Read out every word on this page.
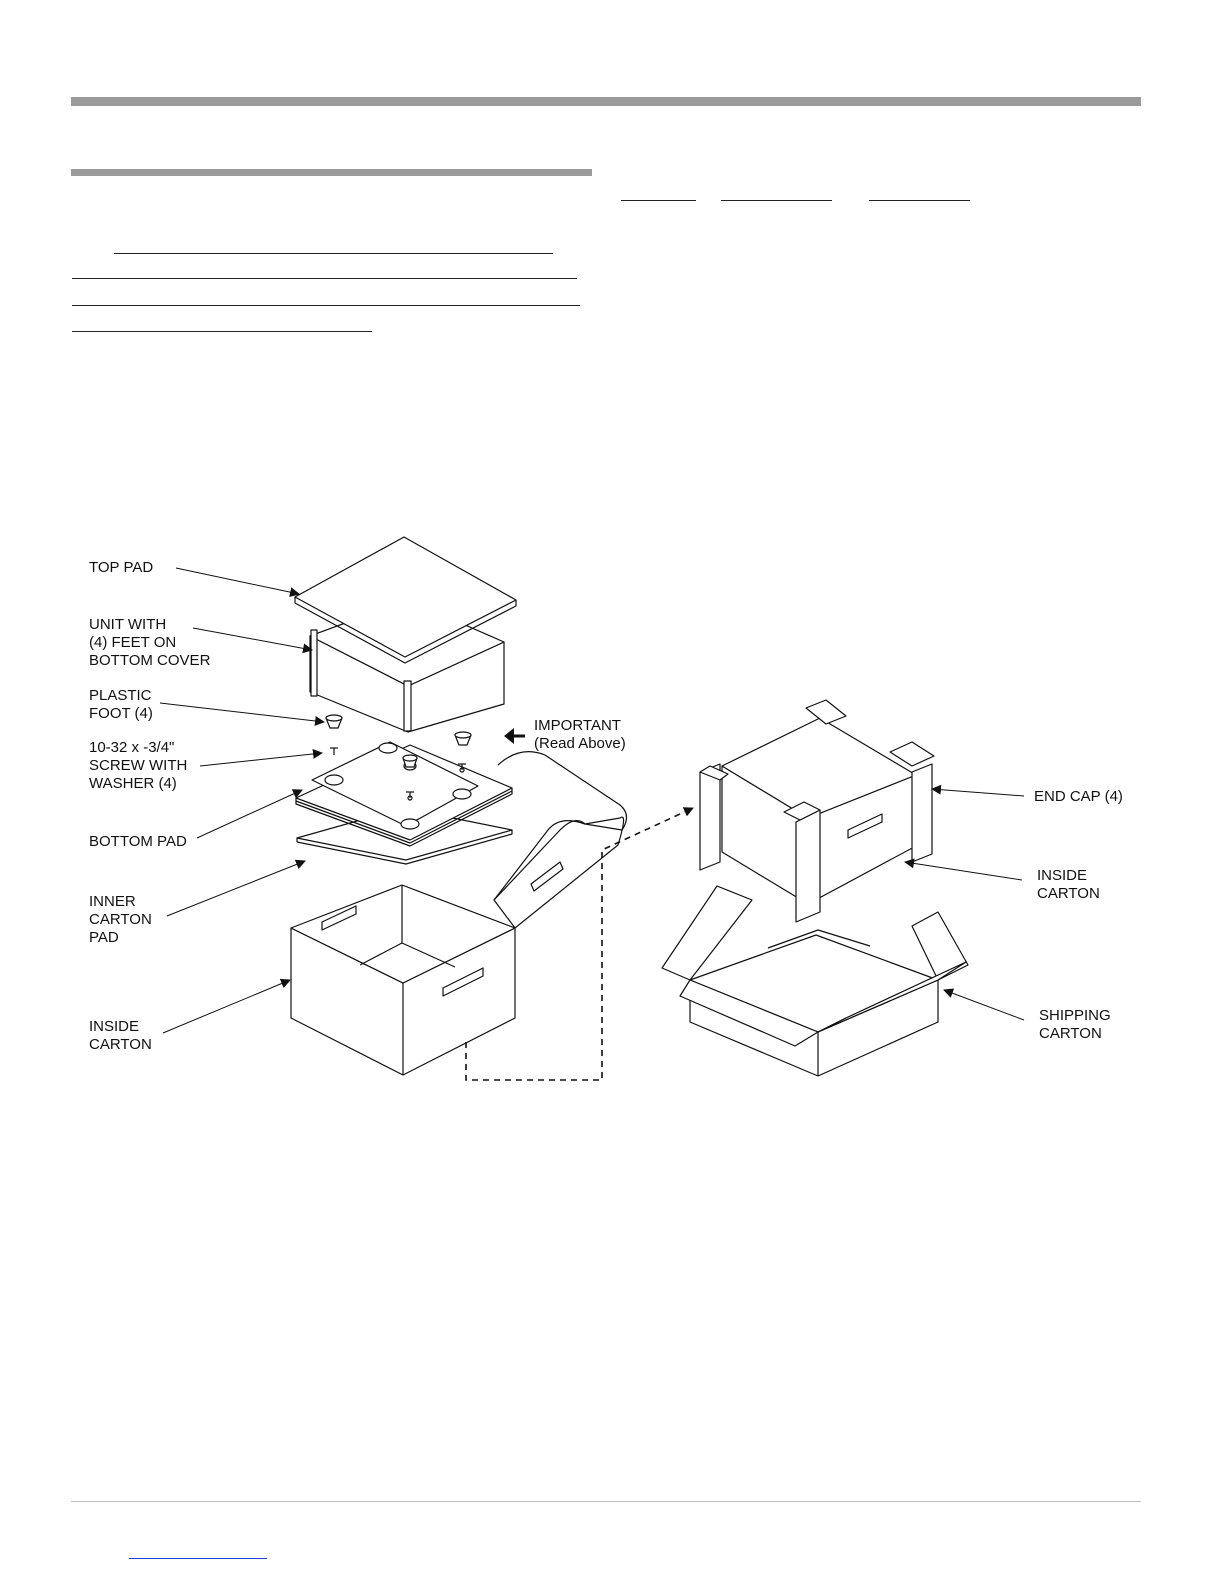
TOP PAD
UNIT WITH (4) FEET ON BOTTOM COVER
PLASTIC FOOT (4)
10-32 x -3/4" SCREW WITH WASHER (4)
BOTTOM PAD
INNER CARTON PAD
INSIDE CARTON
IMPORTANT (Read Above)
END CAP (4)
INSIDE CARTON
SHIPPING CARTON
